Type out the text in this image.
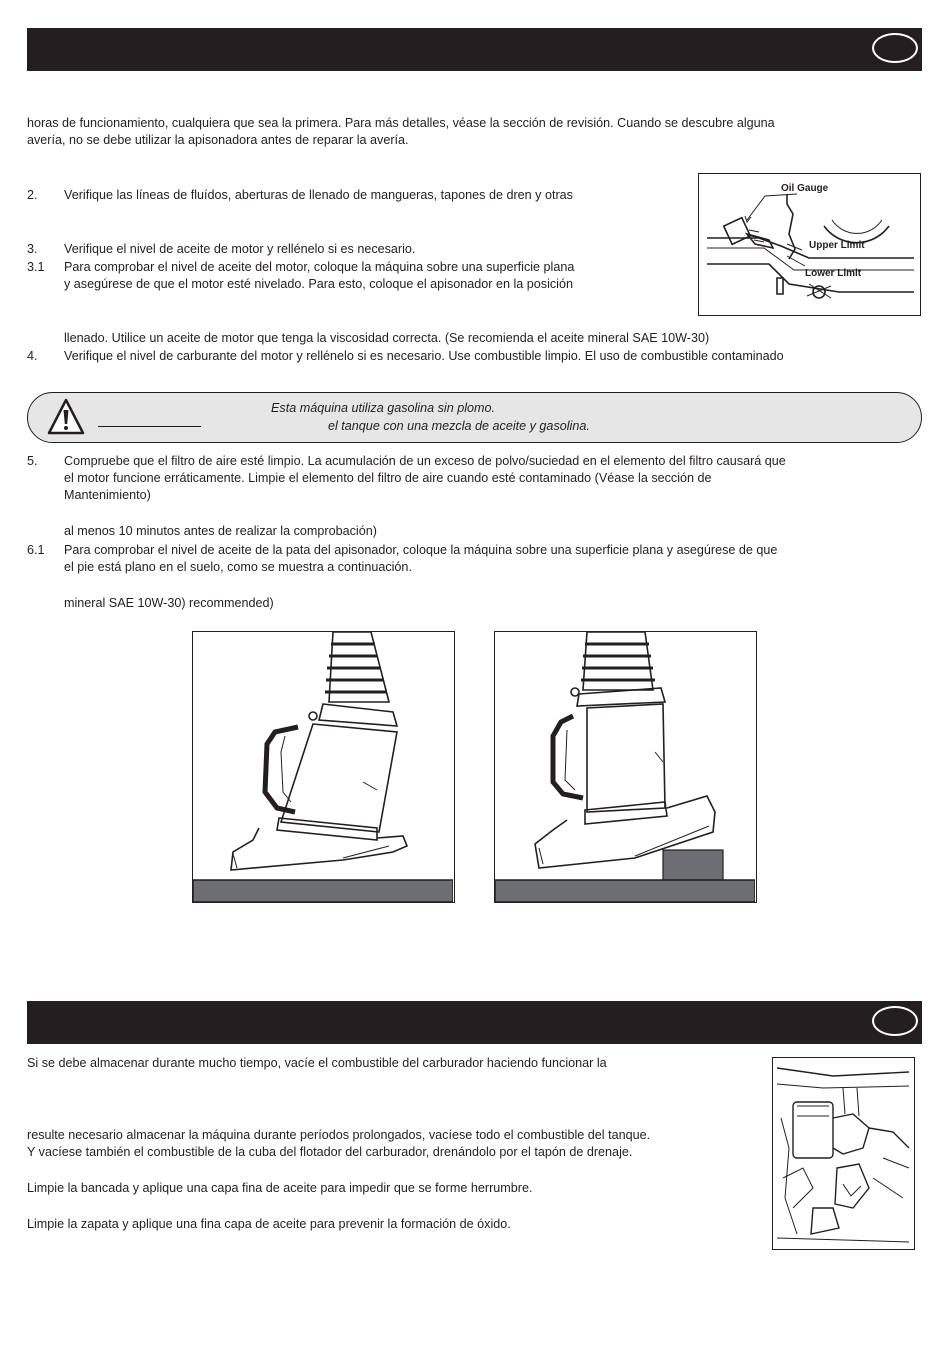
horas de funcionamiento, cualquiera que sea la primera. Para más detalles, véase la sección de revisión. Cuando se descubre alguna
avería, no se debe utilizar la apisonadora antes de reparar la avería.
2. Verifique las líneas de fluídos, aberturas de llenado de mangueras, tapones de dren y otras
3. Verifique el nivel de aceite de motor y rellénelo si es necesario.
3.1 Para comprobar el nivel de aceite del motor, coloque la máquina sobre una superficie plana
y asegúrese de que el motor esté nivelado. Para esto, coloque el apisonador en la posición
llenado. Utilice un aceite de motor que tenga la viscosidad correcta. (Se recomienda el aceite mineral SAE 10W-30)
4. Verifique el nivel de carburante del motor y rellénelo si es necesario. Use combustible limpio. El uso de combustible contaminado
Oil Gauge
Upper Limit
Lower Limit
Esta máquina utiliza gasolina sin plomo.
el tanque con una mezcla de aceite y gasolina.
5. Compruebe que el filtro de aire esté limpio. La acumulación de un exceso de polvo/suciedad en el elemento del filtro causará que
el motor funcione erráticamente. Limpie el elemento del filtro de aire cuando esté contaminado (Véase la sección de
Mantenimiento)
al menos 10 minutos antes de realizar la comprobación)
6.1 Para comprobar el nivel de aceite de la pata del apisonador, coloque la máquina sobre una superficie plana y asegúrese de que
el pie está plano en el suelo, como se muestra a continuación.
mineral SAE 10W-30) recommended)
Si se debe almacenar durante mucho tiempo, vacíe el combustible del carburador haciendo funcionar la
resulte necesario almacenar la máquina durante períodos prolongados, vacíese todo el combustible del tanque.
Y vacíese también el combustible de la cuba del flotador del carburador, drenándolo por el tapón de drenaje.
Limpie la bancada y aplique una capa fina de aceite para impedir que se forme herrumbre.
Limpie la zapata y aplique una fina capa de aceite para prevenir la formación de óxido.
